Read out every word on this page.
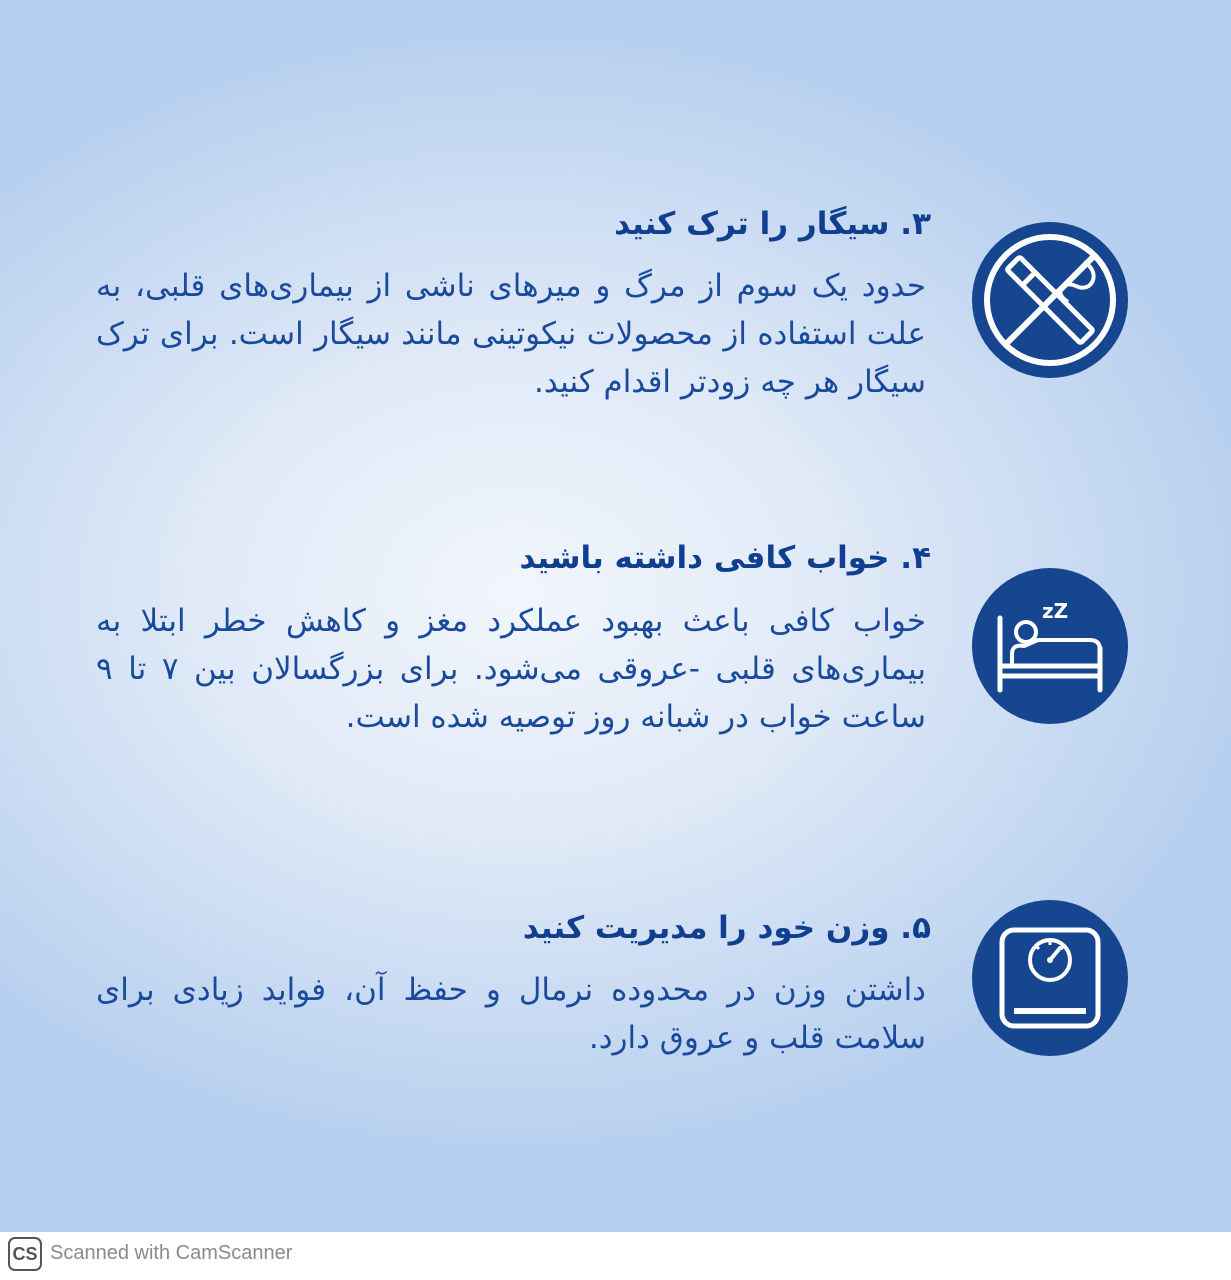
۳. سیگار را ترک کنید
حدود یک سوم از مرگ و میرهای ناشی از بیماری‌های قلبی، به علت استفاده از محصولات نیکوتینی مانند سیگار است. برای ترک سیگار هر چه زودتر اقدام کنید.
۴. خواب کافی داشته باشید
خواب کافی باعث بهبود عملکرد مغز و کاهش خطر ابتلا به بیماری‌های قلبی -عروقی می‌شود. برای بزرگسالان بین ۷ تا ۹ ساعت خواب در شبانه روز توصیه شده است.
zZ
۵. وزن خود را مدیریت کنید
داشتن وزن در محدوده نرمال و حفظ آن، فواید زیادی برای سلامت قلب و عروق دارد.
CS Scanned with CamScanner
